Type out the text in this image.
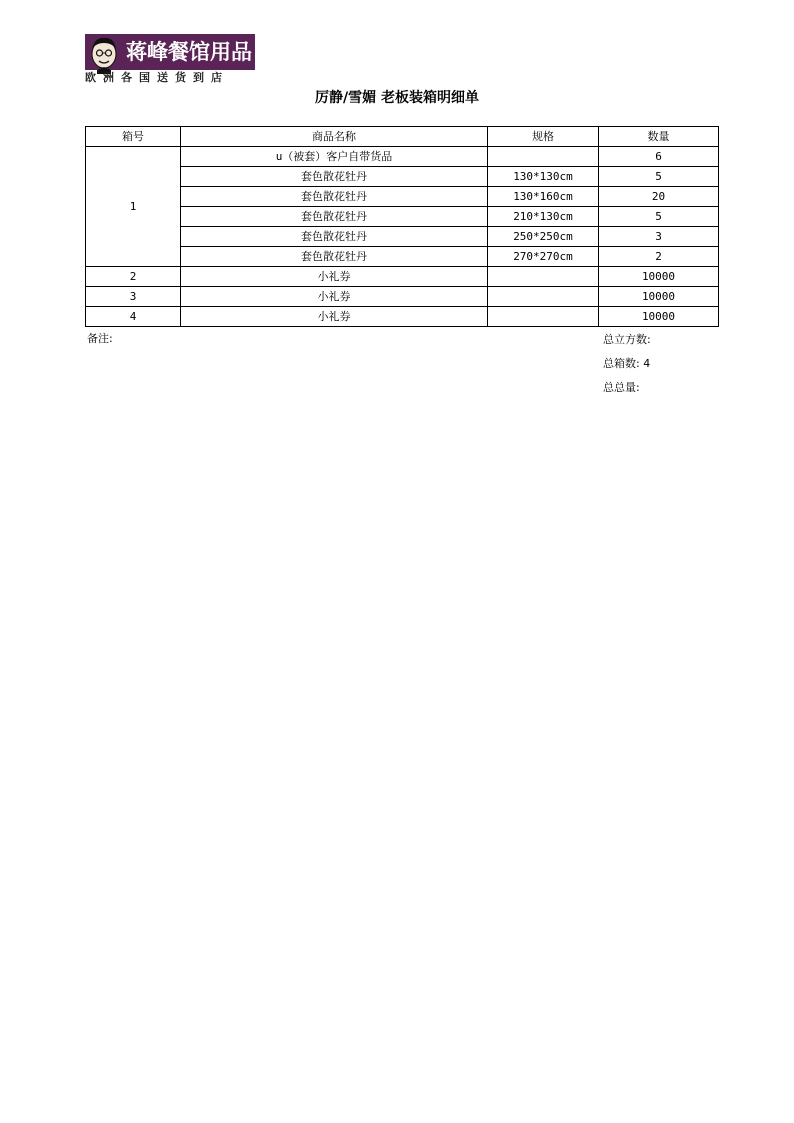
蒋峰餐馆用品
欧洲各国送货到店
厉静/雪媚 老板装箱明细单
箱号	商品名称	规格	数量
1	u（被套）客户自带货品		6
	套色散花牡丹	130*130cm	5
	套色散花牡丹	130*160cm	20
	套色散花牡丹	210*130cm	5
	套色散花牡丹	250*250cm	3
	套色散花牡丹	270*270cm	2
2	小礼券		10000
3	小礼券		10000
4	小礼券		10000
备注:	总立方数:
总箱数: 4
总总量:
